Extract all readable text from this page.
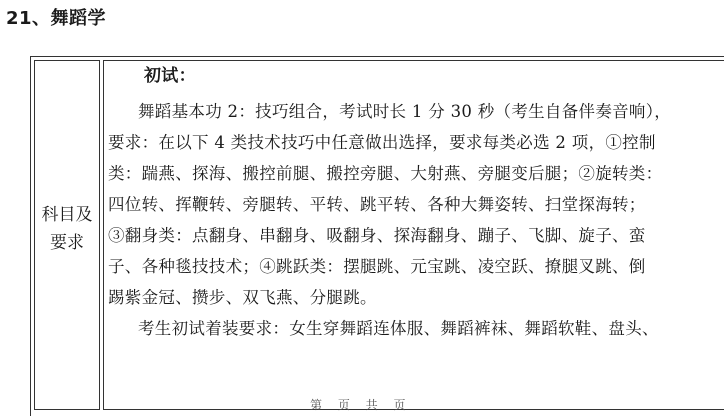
21、舞蹈学
科目及
要求
初试：
舞蹈基本功 2：技巧组合，考试时长 1 分 30 秒（考生自备伴奏音响），
要求：在以下 4 类技术技巧中任意做出选择，要求每类必选 2 项，①控制
类：踹燕、探海、搬控前腿、搬控旁腿、大射燕、旁腿变后腿；②旋转类：
四位转、挥鞭转、旁腿转、平转、跳平转、各种大舞姿转、扫堂探海转；
③翻身类：点翻身、串翻身、吸翻身、探海翻身、蹦子、飞脚、旋子、蛮
子、各种毯技技术；④跳跃类：摆腿跳、元宝跳、凌空跃、撩腿叉跳、倒
踢紫金冠、攒步、双飞燕、分腿跳。
考生初试着装要求：女生穿舞蹈连体服、舞蹈裤袜、舞蹈软鞋、盘头、
第 页 共 页
